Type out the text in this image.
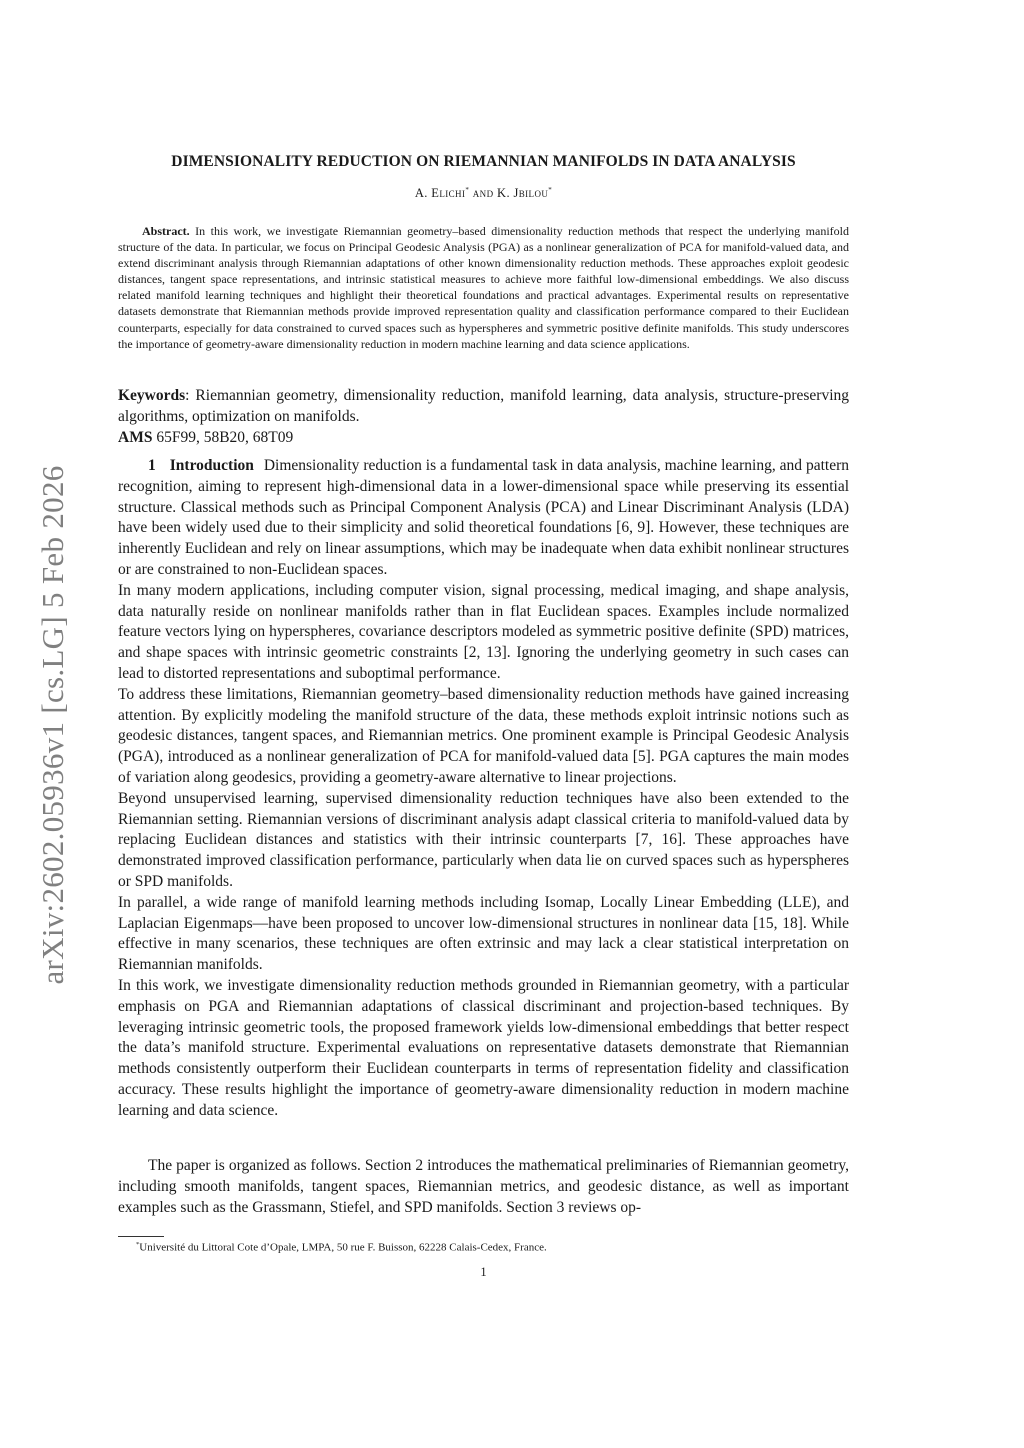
arXiv:2602.05936v1 [cs.LG] 5 Feb 2026
DIMENSIONALITY REDUCTION ON RIEMANNIAN MANIFOLDS IN DATA ANALYSIS
A. Elichi* and K. Jbilou*

Abstract. In this work, we investigate Riemannian geometry–based dimensionality reduction methods that respect the underlying manifold structure of the data. In particular, we focus on Principal Geodesic Analysis (PGA) as a nonlinear generalization of PCA for manifold-valued data, and extend discriminant analysis through Riemannian adaptations of other known dimensionality reduction methods. These approaches exploit geodesic distances, tangent space representations, and intrinsic statistical measures to achieve more faithful low-dimensional embeddings. We also discuss related manifold learning techniques and highlight their theoretical foundations and practical advantages. Experimental results on representative datasets demonstrate that Riemannian methods provide improved representation quality and classification performance compared to their Euclidean counterparts, especially for data constrained to curved spaces such as hyperspheres and symmetric positive definite manifolds. This study underscores the importance of geometry-aware dimensionality reduction in modern machine learning and data science applications.

Keywords: Riemannian geometry, dimensionality reduction, manifold learning, data analysis, structure-preserving algorithms, optimization on manifolds.
AMS 65F99, 58B20, 68T09

1 Introduction Dimensionality reduction is a fundamental task in data analysis, machine learning, and pattern recognition, aiming to represent high-dimensional data in a lower-dimensional space while preserving its essential structure. Classical methods such as Principal Component Analysis (PCA) and Linear Discriminant Analysis (LDA) have been widely used due to their simplicity and solid theoretical foundations [6, 9]. However, these techniques are inherently Euclidean and rely on linear assumptions, which may be inadequate when data exhibit nonlinear structures or are constrained to non-Euclidean spaces.

In many modern applications, including computer vision, signal processing, medical imaging, and shape analysis, data naturally reside on nonlinear manifolds rather than in flat Euclidean spaces. Examples include normalized feature vectors lying on hyperspheres, covariance descriptors modeled as symmetric positive definite (SPD) matrices, and shape spaces with intrinsic geometric constraints [2, 13]. Ignoring the underlying geometry in such cases can lead to distorted representations and suboptimal performance.

To address these limitations, Riemannian geometry–based dimensionality reduction methods have gained increasing attention. By explicitly modeling the manifold structure of the data, these methods exploit intrinsic notions such as geodesic distances, tangent spaces, and Riemannian metrics. One prominent example is Principal Geodesic Analysis (PGA), introduced as a nonlinear generalization of PCA for manifold-valued data [5]. PGA captures the main modes of variation along geodesics, providing a geometry-aware alternative to linear projections.

Beyond unsupervised learning, supervised dimensionality reduction techniques have also been extended to the Riemannian setting. Riemannian versions of discriminant analysis adapt classical criteria to manifold-valued data by replacing Euclidean distances and statistics with their intrinsic counterparts [7, 16]. These approaches have demonstrated improved classification performance, particularly when data lie on curved spaces such as hyperspheres or SPD manifolds.

In parallel, a wide range of manifold learning methods including Isomap, Locally Linear Embedding (LLE), and Laplacian Eigenmaps—have been proposed to uncover low-dimensional structures in nonlinear data [15, 18]. While effective in many scenarios, these techniques are often extrinsic and may lack a clear statistical interpretation on Riemannian manifolds.

In this work, we investigate dimensionality reduction methods grounded in Riemannian geometry, with a particular emphasis on PGA and Riemannian adaptations of classical discriminant and projection-based techniques. By leveraging intrinsic geometric tools, the proposed framework yields low-dimensional embeddings that better respect the data’s manifold structure. Experimental evaluations on representative datasets demonstrate that Riemannian methods consistently outperform their Euclidean counterparts in terms of representation fidelity and classification accuracy. These results highlight the importance of geometry-aware dimensionality reduction in modern machine learning and data science.

The paper is organized as follows. Section 2 introduces the mathematical preliminaries of Riemannian geometry, including smooth manifolds, tangent spaces, Riemannian metrics, and geodesic distance, as well as important examples such as the Grassmann, Stiefel, and SPD manifolds. Section 3 reviews op-

*Université du Littoral Cote d’Opale, LMPA, 50 rue F. Buisson, 62228 Calais-Cedex, France.
1
